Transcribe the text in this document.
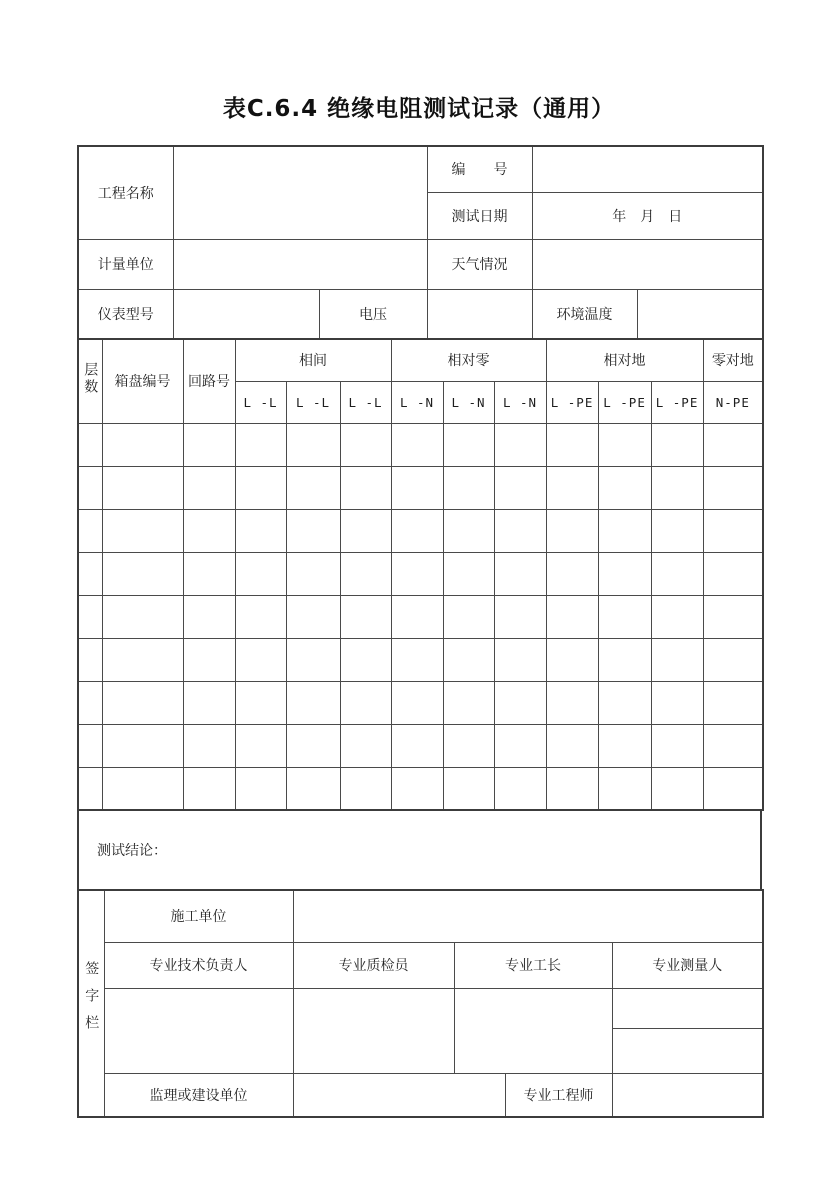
表C.6.4 绝缘电阻测试记录（通用）
工程名称			编　　号		
			测试日期	年　月　日	
计量单位			天气情况		
仪表型号		电压		环境温度	
层数	箱盘编号	回路号	相间			相对零			相对地			零对地
			L -L	L -L	L -L	L -N	L -N	L -N	L -PE	L -PE	L -PE	N-PE

测试结论：
签字栏	施工单位				
	专业技术负责人	专业质检员	专业工长		专业测量人

	监理或建设单位			专业工程师	
